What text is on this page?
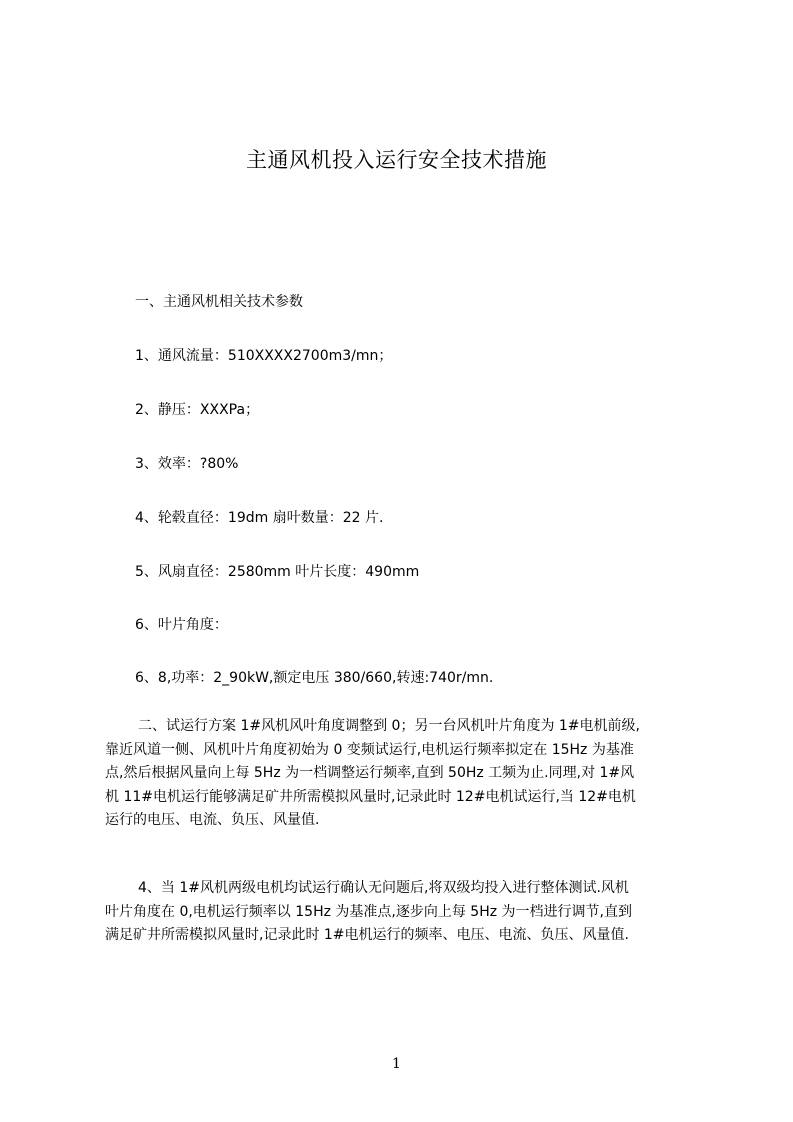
主通风机投入运行安全技术措施
一、主通风机相关技术参数
1、通风流量：510XXXX2700m3/mn；
2、静压：XXXPa；
3、效率：?80%
4、轮毂直径：19dm 扇叶数量：22 片.
5、风扇直径：2580mm 叶片长度：490mm
6、叶片角度：
6、8,功率：2_90kW,额定电压 380/660,转速:740r/mn.
二、试运行方案 1#风机风叶角度调整到 0；另一台风机叶片角度为 1#电机前级,
靠近风道一侧、风机叶片角度初始为 0 变频试运行,电机运行频率拟定在 15Hz 为基准
点,然后根据风量向上每 5Hz 为一档调整运行频率,直到 50Hz 工频为止.同理,对 1#风
机 11#电机运行能够满足矿井所需模拟风量时,记录此时 12#电机试运行,当 12#电机
运行的电压、电流、负压、风量值.
4、当 1#风机两级电机均试运行确认无问题后,将双级均投入进行整体测试.风机
叶片角度在 0,电机运行频率以 15Hz 为基准点,逐步向上每 5Hz 为一档进行调节,直到
满足矿井所需模拟风量时,记录此时 1#电机运行的频率、电压、电流、负压、风量值.
1
